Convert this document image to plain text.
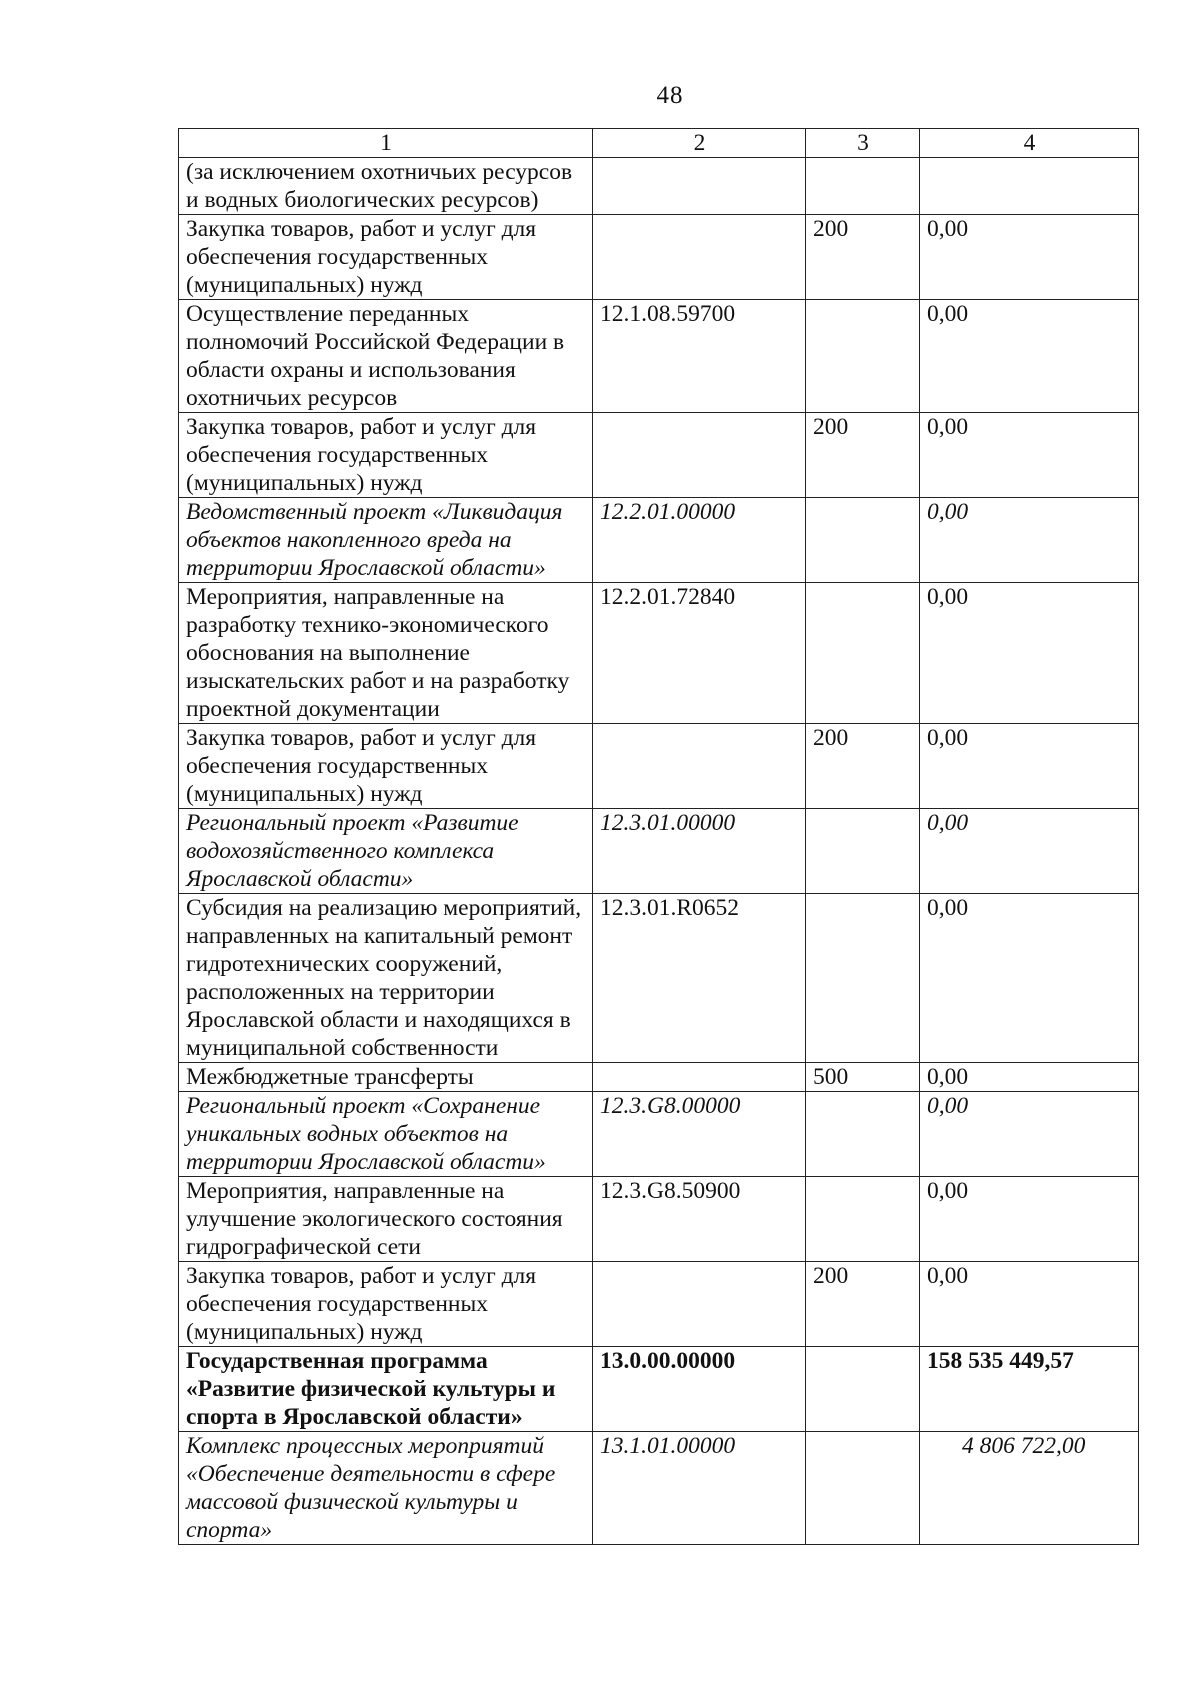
48
1	2	3	4
(за исключением охотничьих ресурсов и водных биологических ресурсов)			
Закупка товаров, работ и услуг для обеспечения государственных (муниципальных) нужд		200	0,00
Осуществление переданных полномочий Российской Федерации в области охраны и использования охотничьих ресурсов	12.1.08.59700		0,00
Закупка товаров, работ и услуг для обеспечения государственных (муниципальных) нужд		200	0,00
Ведомственный проект «Ликвидация объектов накопленного вреда на территории Ярославской области»	12.2.01.00000		0,00
Мероприятия, направленные на разработку технико-экономического обоснования на выполнение изыскательских работ и на разработку проектной документации	12.2.01.72840		0,00
Закупка товаров, работ и услуг для обеспечения государственных (муниципальных) нужд		200	0,00
Региональный проект «Развитие водохозяйственного комплекса Ярославской области»	12.3.01.00000		0,00
Субсидия на реализацию мероприятий, направленных на капитальный ремонт гидротехнических сооружений, расположенных на территории Ярославской области и находящихся в муниципальной собственности	12.3.01.R0652		0,00
Межбюджетные трансферты		500	0,00
Региональный проект «Сохранение уникальных водных объектов на территории Ярославской области»	12.3.G8.00000		0,00
Мероприятия, направленные на улучшение экологического состояния гидрографической сети	12.3.G8.50900		0,00
Закупка товаров, работ и услуг для обеспечения государственных (муниципальных) нужд		200	0,00
Государственная программа «Развитие физической культуры и спорта в Ярославской области»	13.0.00.00000		158 535 449,57
Комплекс процессных мероприятий «Обеспечение деятельности в сфере массовой физической культуры и спорта»	13.1.01.00000		4 806 722,00
